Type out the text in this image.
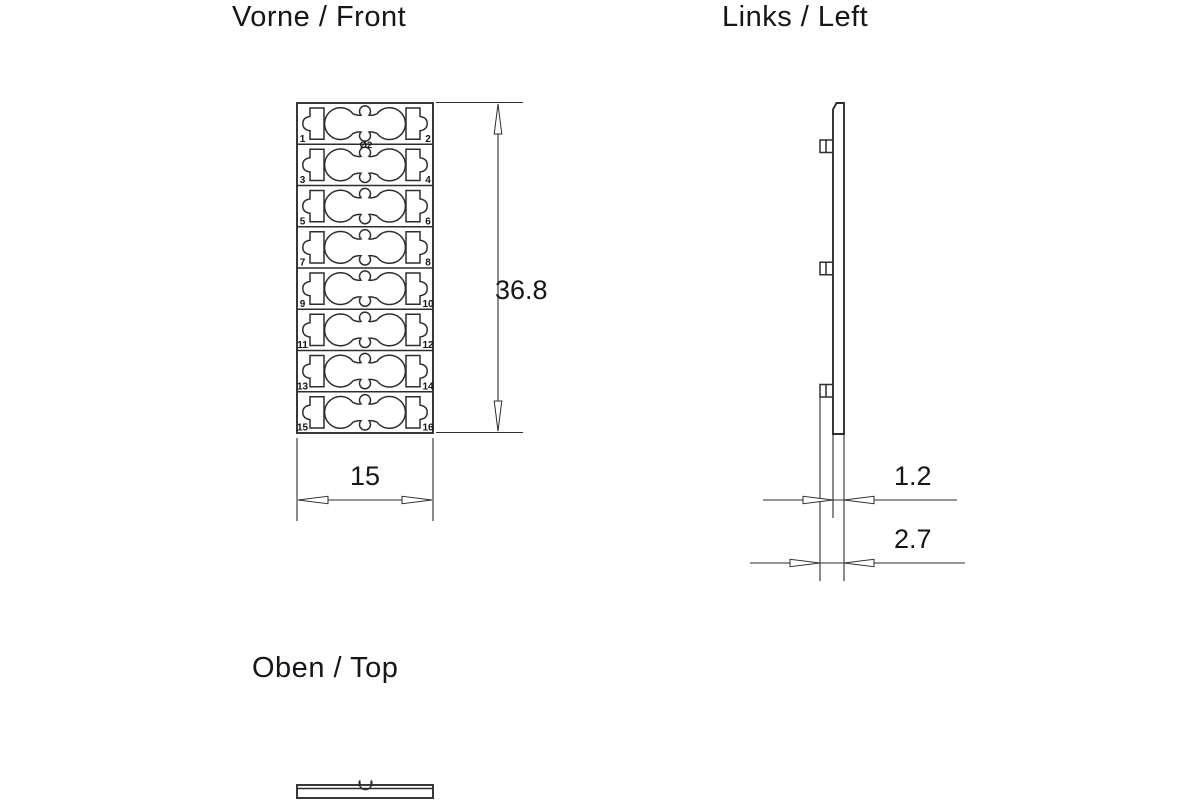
Vorne / Front	Links / Left
Oben / Top
36.8
15	1.2
2.7
1	2
3	4
5	6
7	8
9	10
11	12
13	14
15	16
Ø2
